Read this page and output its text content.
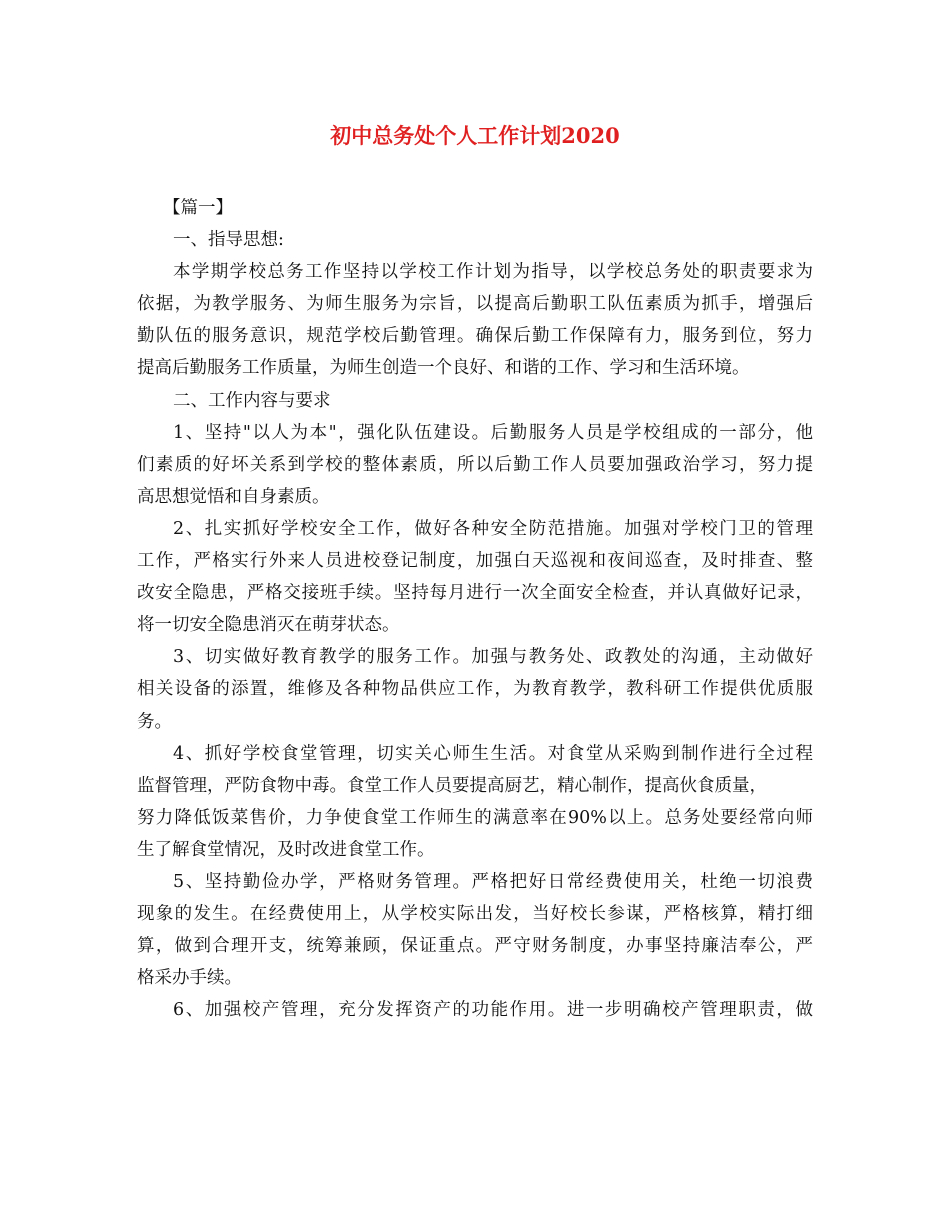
初中总务处个人工作计划2020
【篇一】
一、指导思想:
本学期学校总务工作坚持以学校工作计划为指导，以学校总务处的职责要求为
依据，为教学服务、为师生服务为宗旨，以提高后勤职工队伍素质为抓手，增强后
勤队伍的服务意识，规范学校后勤管理。确保后勤工作保障有力，服务到位，努力
提高后勤服务工作质量，为师生创造一个良好、和谐的工作、学习和生活环境。
二、工作内容与要求
1、坚持"以人为本"，强化队伍建设。后勤服务人员是学校组成的一部分，他
们素质的好坏关系到学校的整体素质，所以后勤工作人员要加强政治学习，努力提
高思想觉悟和自身素质。
2、扎实抓好学校安全工作，做好各种安全防范措施。加强对学校门卫的管理
工作，严格实行外来人员进校登记制度，加强白天巡视和夜间巡查，及时排查、整
改安全隐患，严格交接班手续。坚持每月进行一次全面安全检查，并认真做好记录，
将一切安全隐患消灭在萌芽状态。
3、切实做好教育教学的服务工作。加强与教务处、政教处的沟通，主动做好
相关设备的添置，维修及各种物品供应工作，为教育教学，教科研工作提供优质服
务。
4、抓好学校食堂管理，切实关心师生生活。对食堂从采购到制作进行全过程
监督管理，严防食物中毒。食堂工作人员要提高厨艺，精心制作，提高伙食质量，
努力降低饭菜售价，力争使食堂工作师生的满意率在90%以上。总务处要经常向师
生了解食堂情况，及时改进食堂工作。
5、坚持勤俭办学，严格财务管理。严格把好日常经费使用关，杜绝一切浪费
现象的发生。在经费使用上，从学校实际出发，当好校长参谋，严格核算，精打细
算，做到合理开支，统筹兼顾，保证重点。严守财务制度，办事坚持廉洁奉公，严
格采办手续。
6、加强校产管理，充分发挥资产的功能作用。进一步明确校产管理职责，做
